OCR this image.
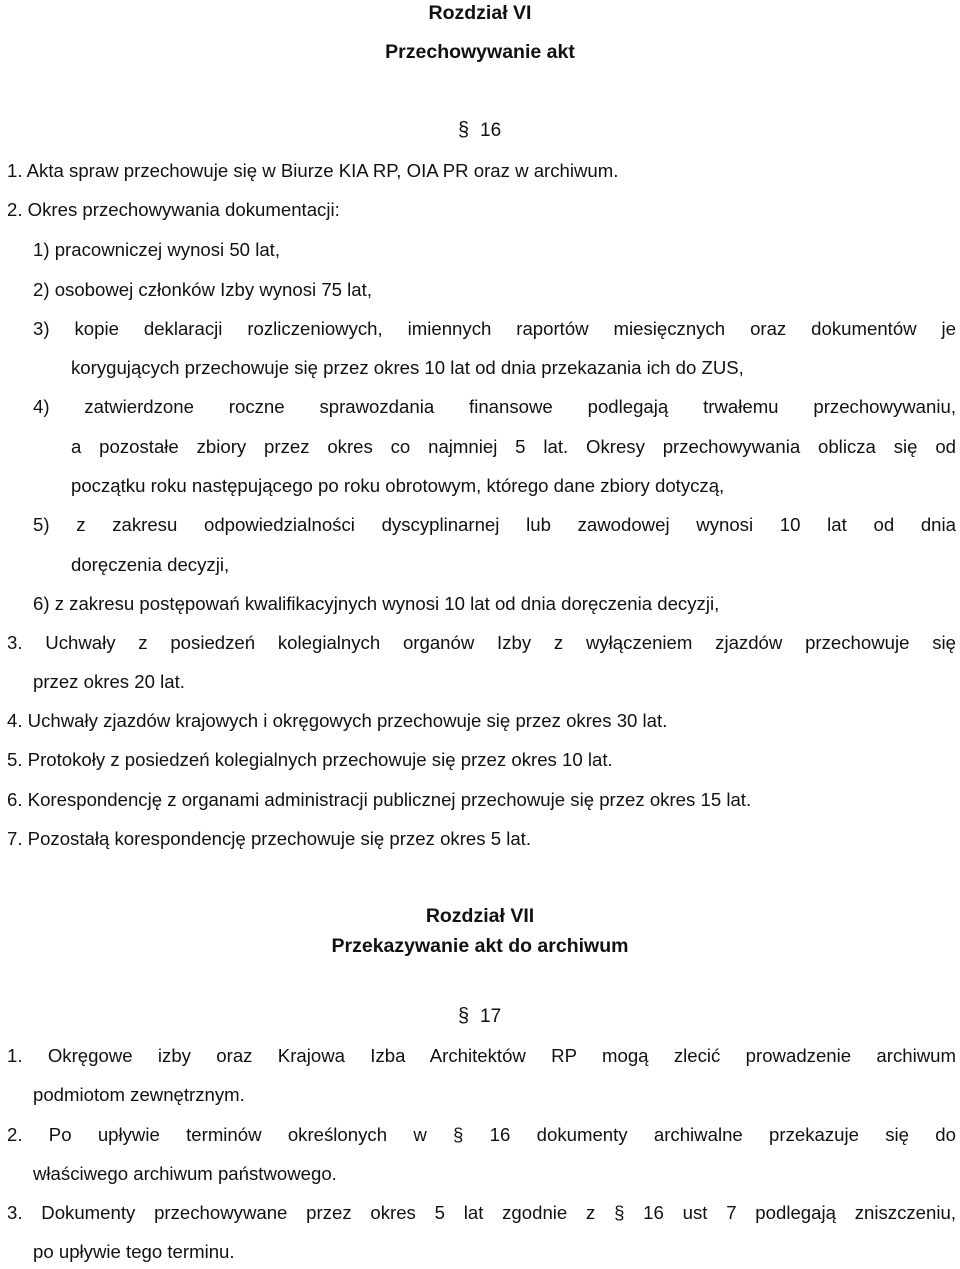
Rozdział VI
Przechowywanie akt
§ 16
1. Akta spraw przechowuje się w Biurze KIA RP, OIA PR oraz w archiwum.
2. Okres przechowywania dokumentacji:
1) pracowniczej wynosi 50 lat,
2) osobowej członków Izby wynosi 75 lat,
3) kopie deklaracji rozliczeniowych, imiennych raportów miesięcznych oraz dokumentów je
korygujących przechowuje się przez okres 10 lat od dnia przekazania ich do ZUS,
4) zatwierdzone roczne sprawozdania finansowe podlegają trwałemu przechowywaniu,
a pozostałe zbiory przez okres co najmniej 5 lat. Okresy przechowywania oblicza się od
początku roku następującego po roku obrotowym, którego dane zbiory dotyczą,
5) z zakresu odpowiedzialności dyscyplinarnej lub zawodowej wynosi 10 lat od dnia
doręczenia decyzji,
6) z zakresu postępowań kwalifikacyjnych wynosi 10 lat od dnia doręczenia decyzji,
3. Uchwały z posiedzeń kolegialnych organów Izby z wyłączeniem zjazdów przechowuje się
przez okres 20 lat.
4. Uchwały zjazdów krajowych i okręgowych przechowuje się przez okres 30 lat.
5. Protokoły z posiedzeń kolegialnych przechowuje się przez okres 10 lat.
6. Korespondencję z organami administracji publicznej przechowuje się przez okres 15 lat.
7. Pozostałą korespondencję przechowuje się przez okres 5 lat.
Rozdział VII
Przekazywanie akt do archiwum
§ 17
1. Okręgowe izby oraz Krajowa Izba Architektów RP mogą zlecić prowadzenie archiwum
podmiotom zewnętrznym.
2. Po upływie terminów określonych w § 16 dokumenty archiwalne przekazuje się do
właściwego archiwum państwowego.
3. Dokumenty przechowywane przez okres 5 lat zgodnie z § 16 ust 7 podlegają zniszczeniu,
po upływie tego terminu.
